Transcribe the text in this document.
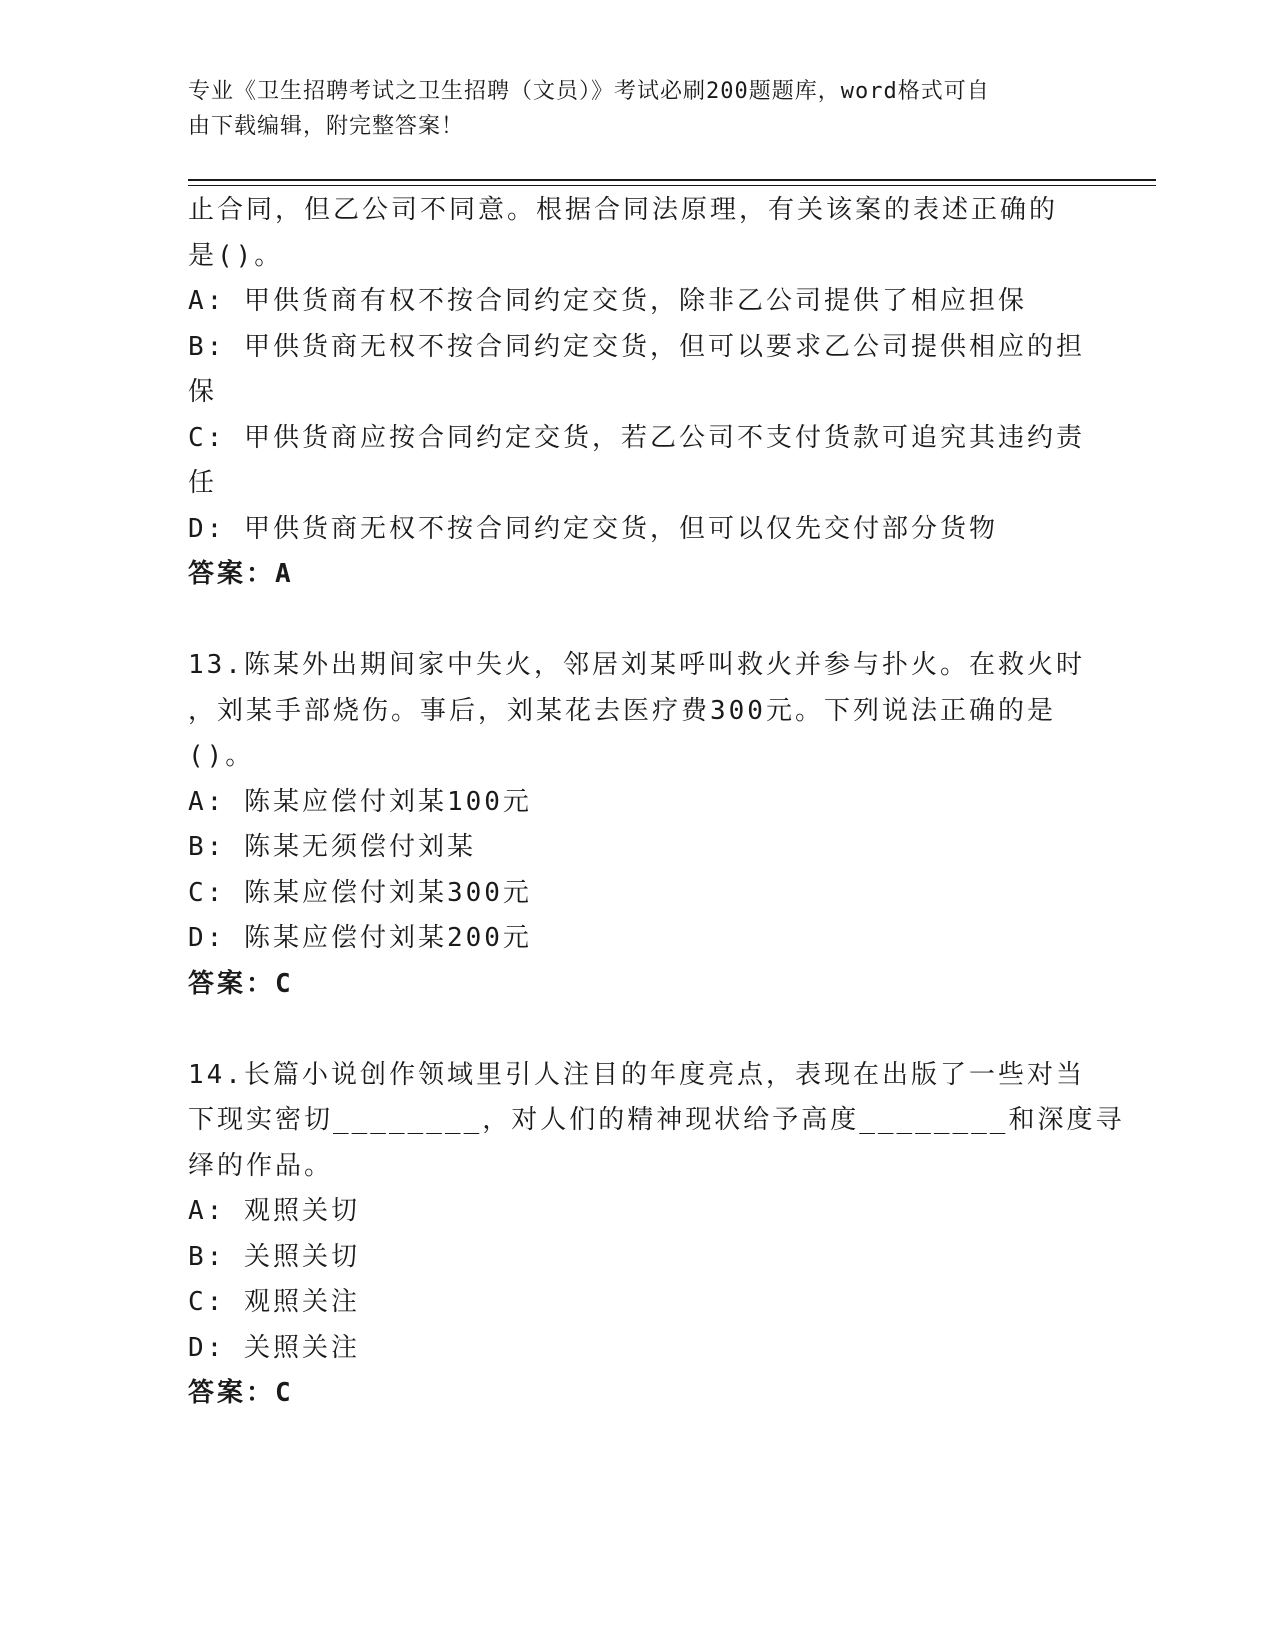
专业《卫生招聘考试之卫生招聘（文员）》考试必刷200题题库，word格式可自
由下载编辑，附完整答案！

止合同，但乙公司不同意。根据合同法原理，有关该案的表述正确的

是()。

A: 甲供货商有权不按合同约定交货，除非乙公司提供了相应担保

B: 甲供货商无权不按合同约定交货，但可以要求乙公司提供相应的担

保

C: 甲供货商应按合同约定交货，若乙公司不支付货款可追究其违约责

任

D: 甲供货商无权不按合同约定交货，但可以仅先交付部分货物

答案：A

13.陈某外出期间家中失火，邻居刘某呼叫救火并参与扑火。在救火时

，刘某手部烧伤。事后，刘某花去医疗费300元。下列说法正确的是

()。

A: 陈某应偿付刘某100元

B: 陈某无须偿付刘某

C: 陈某应偿付刘某300元

D: 陈某应偿付刘某200元

答案：C

14.长篇小说创作领域里引人注目的年度亮点，表现在出版了一些对当

下现实密切________，对人们的精神现状给予高度________和深度寻

绎的作品。

A: 观照关切

B: 关照关切

C: 观照关注

D: 关照关注

答案：C
